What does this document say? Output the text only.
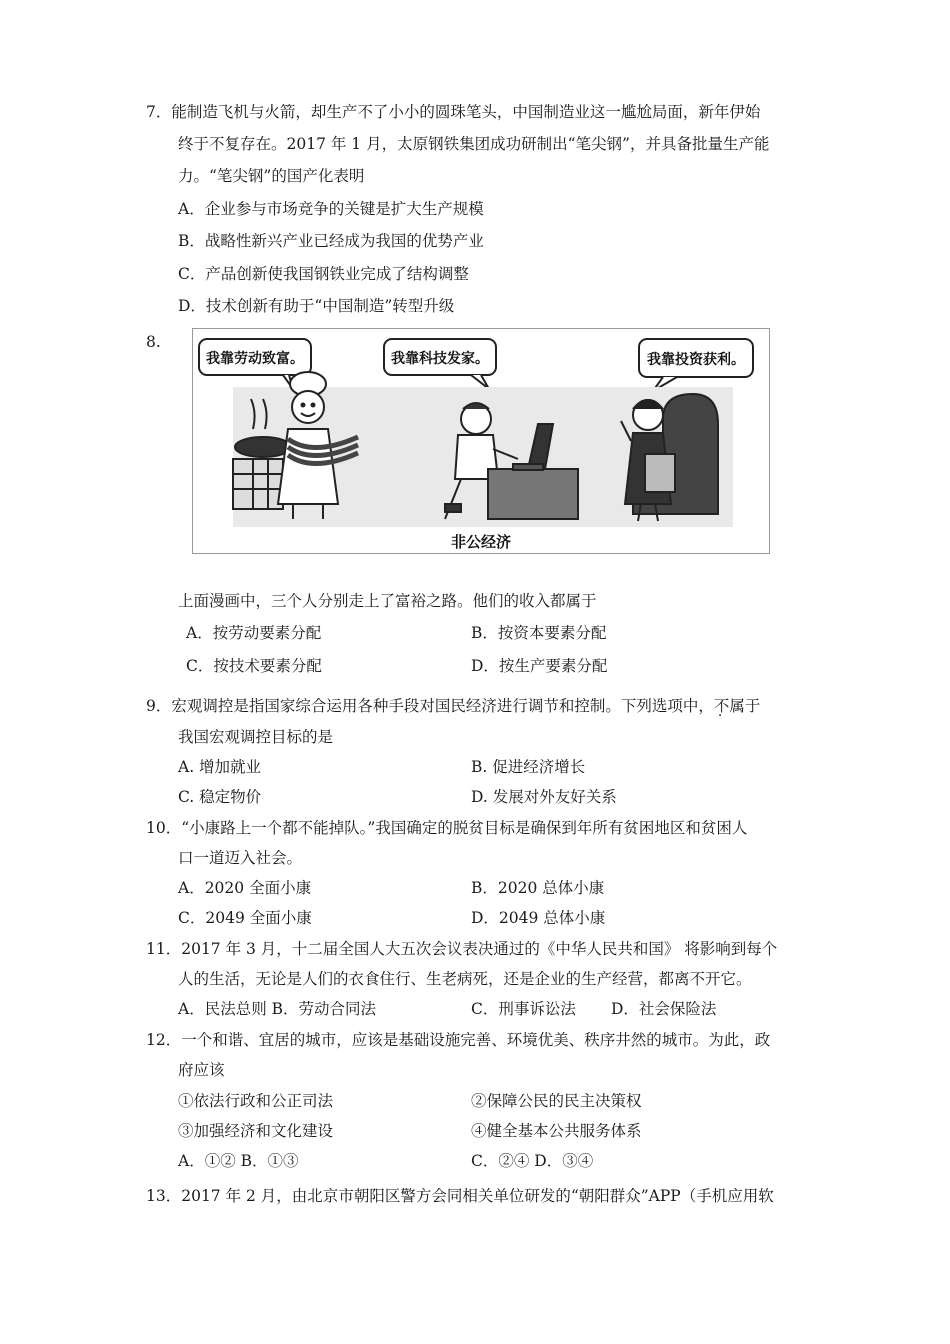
7．能制造飞机与火箭，却生产不了小小的圆珠笔头，中国制造业这一尴尬局面，新年伊始
终于不复存在。2017 年 1 月，太原钢铁集团成功研制出“笔尖钢”，并具备批量生产能
力。“笔尖钢”的国产化表明
A．企业参与市场竞争的关键是扩大生产规模
B．战略性新兴产业已经成为我国的优势产业
C．产品创新使我国钢铁业完成了结构调整
D．技术创新有助于“中国制造”转型升级
8.
我靠劳动致富。	我靠科技发家。	我靠投资获利。
非公经济
上面漫画中，三个人分别走上了富裕之路。他们的收入都属于
A．按劳动要素分配	B．按资本要素分配
C．按技术要素分配	D．按生产要素分配
9．宏观调控是指国家综合运用各种手段对国民经济进行调节和控制。下列选项中，不属于
我国宏观调控目标的是
A. 增加就业	B. 促进经济增长
C. 稳定物价	D. 发展对外友好关系
10．“小康路上一个都不能掉队。”我国确定的脱贫目标是确保到年所有贫困地区和贫困人
口一道迈入社会。
A．2020 全面小康	B．2020 总体小康
C．2049 全面小康	D．2049 总体小康
11．2017 年 3 月，十二届全国人大五次会议表决通过的《中华人民共和国》 将影响到每个
人的生活，无论是人们的衣食住行、生老病死，还是企业的生产经营，都离不开它。
A．民法总则 B．劳动合同法	C．刑事诉讼法 D．社会保险法
12．一个和谐、宜居的城市，应该是基础设施完善、环境优美、秩序井然的城市。为此，政
府应该
①依法行政和公正司法	②保障公民的民主决策权
③加强经济和文化建设	④健全基本公共服务体系
A．①② B．①③	C．②④ D．③④
13．2017 年 2 月，由北京市朝阳区警方会同相关单位研发的“朝阳群众”APP（手机应用软
